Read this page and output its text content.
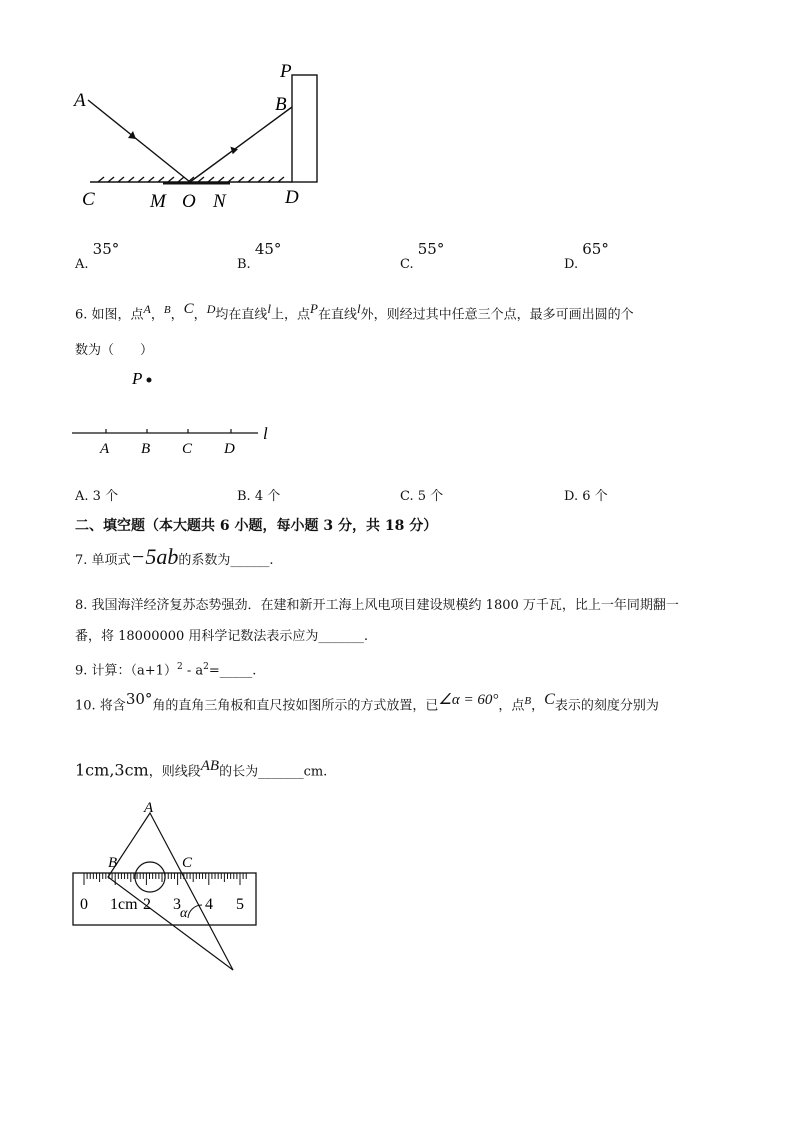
P
A	B
C	M O N	D
A. 35°
B. 45°
C. 55°
D. 65°
6. 如图，点$^A$，$^B$，$^C$，$^D$均在直线$^l$上，点$^P$在直线$^l$外，则经过其中任意三个点，最多可画出圆的个
数为（　　）
P
l
A B C D
A. 3 个	B. 4 个	C. 5 个	D. 6 个
二、填空题（本大题共 6 小题，每小题 3 分，共 18 分）
7. 单项式−5ab的系数为______.
8. 我国海洋经济复苏态势强劲．在建和新开工海上风电项目建设规模约 1800 万千瓦，比上一年同期翻一
番，将 18000000 用科学记数法表示应为_______.
9. 计算：$(a+1)^2$ - $a^2=\_\_\_\_\_$.
10. 将含$^{30^\circ}$角的直角三角板和直尺按如图所示的方式放置，已$^{\angle\alpha = 60^\circ}$，点$^B$，$^C$表示的刻度分别为
1cm,3cm，则线段$^{AB}$的长为_______cm.
A
B	C
α
0 1cm 2 3 4 5
